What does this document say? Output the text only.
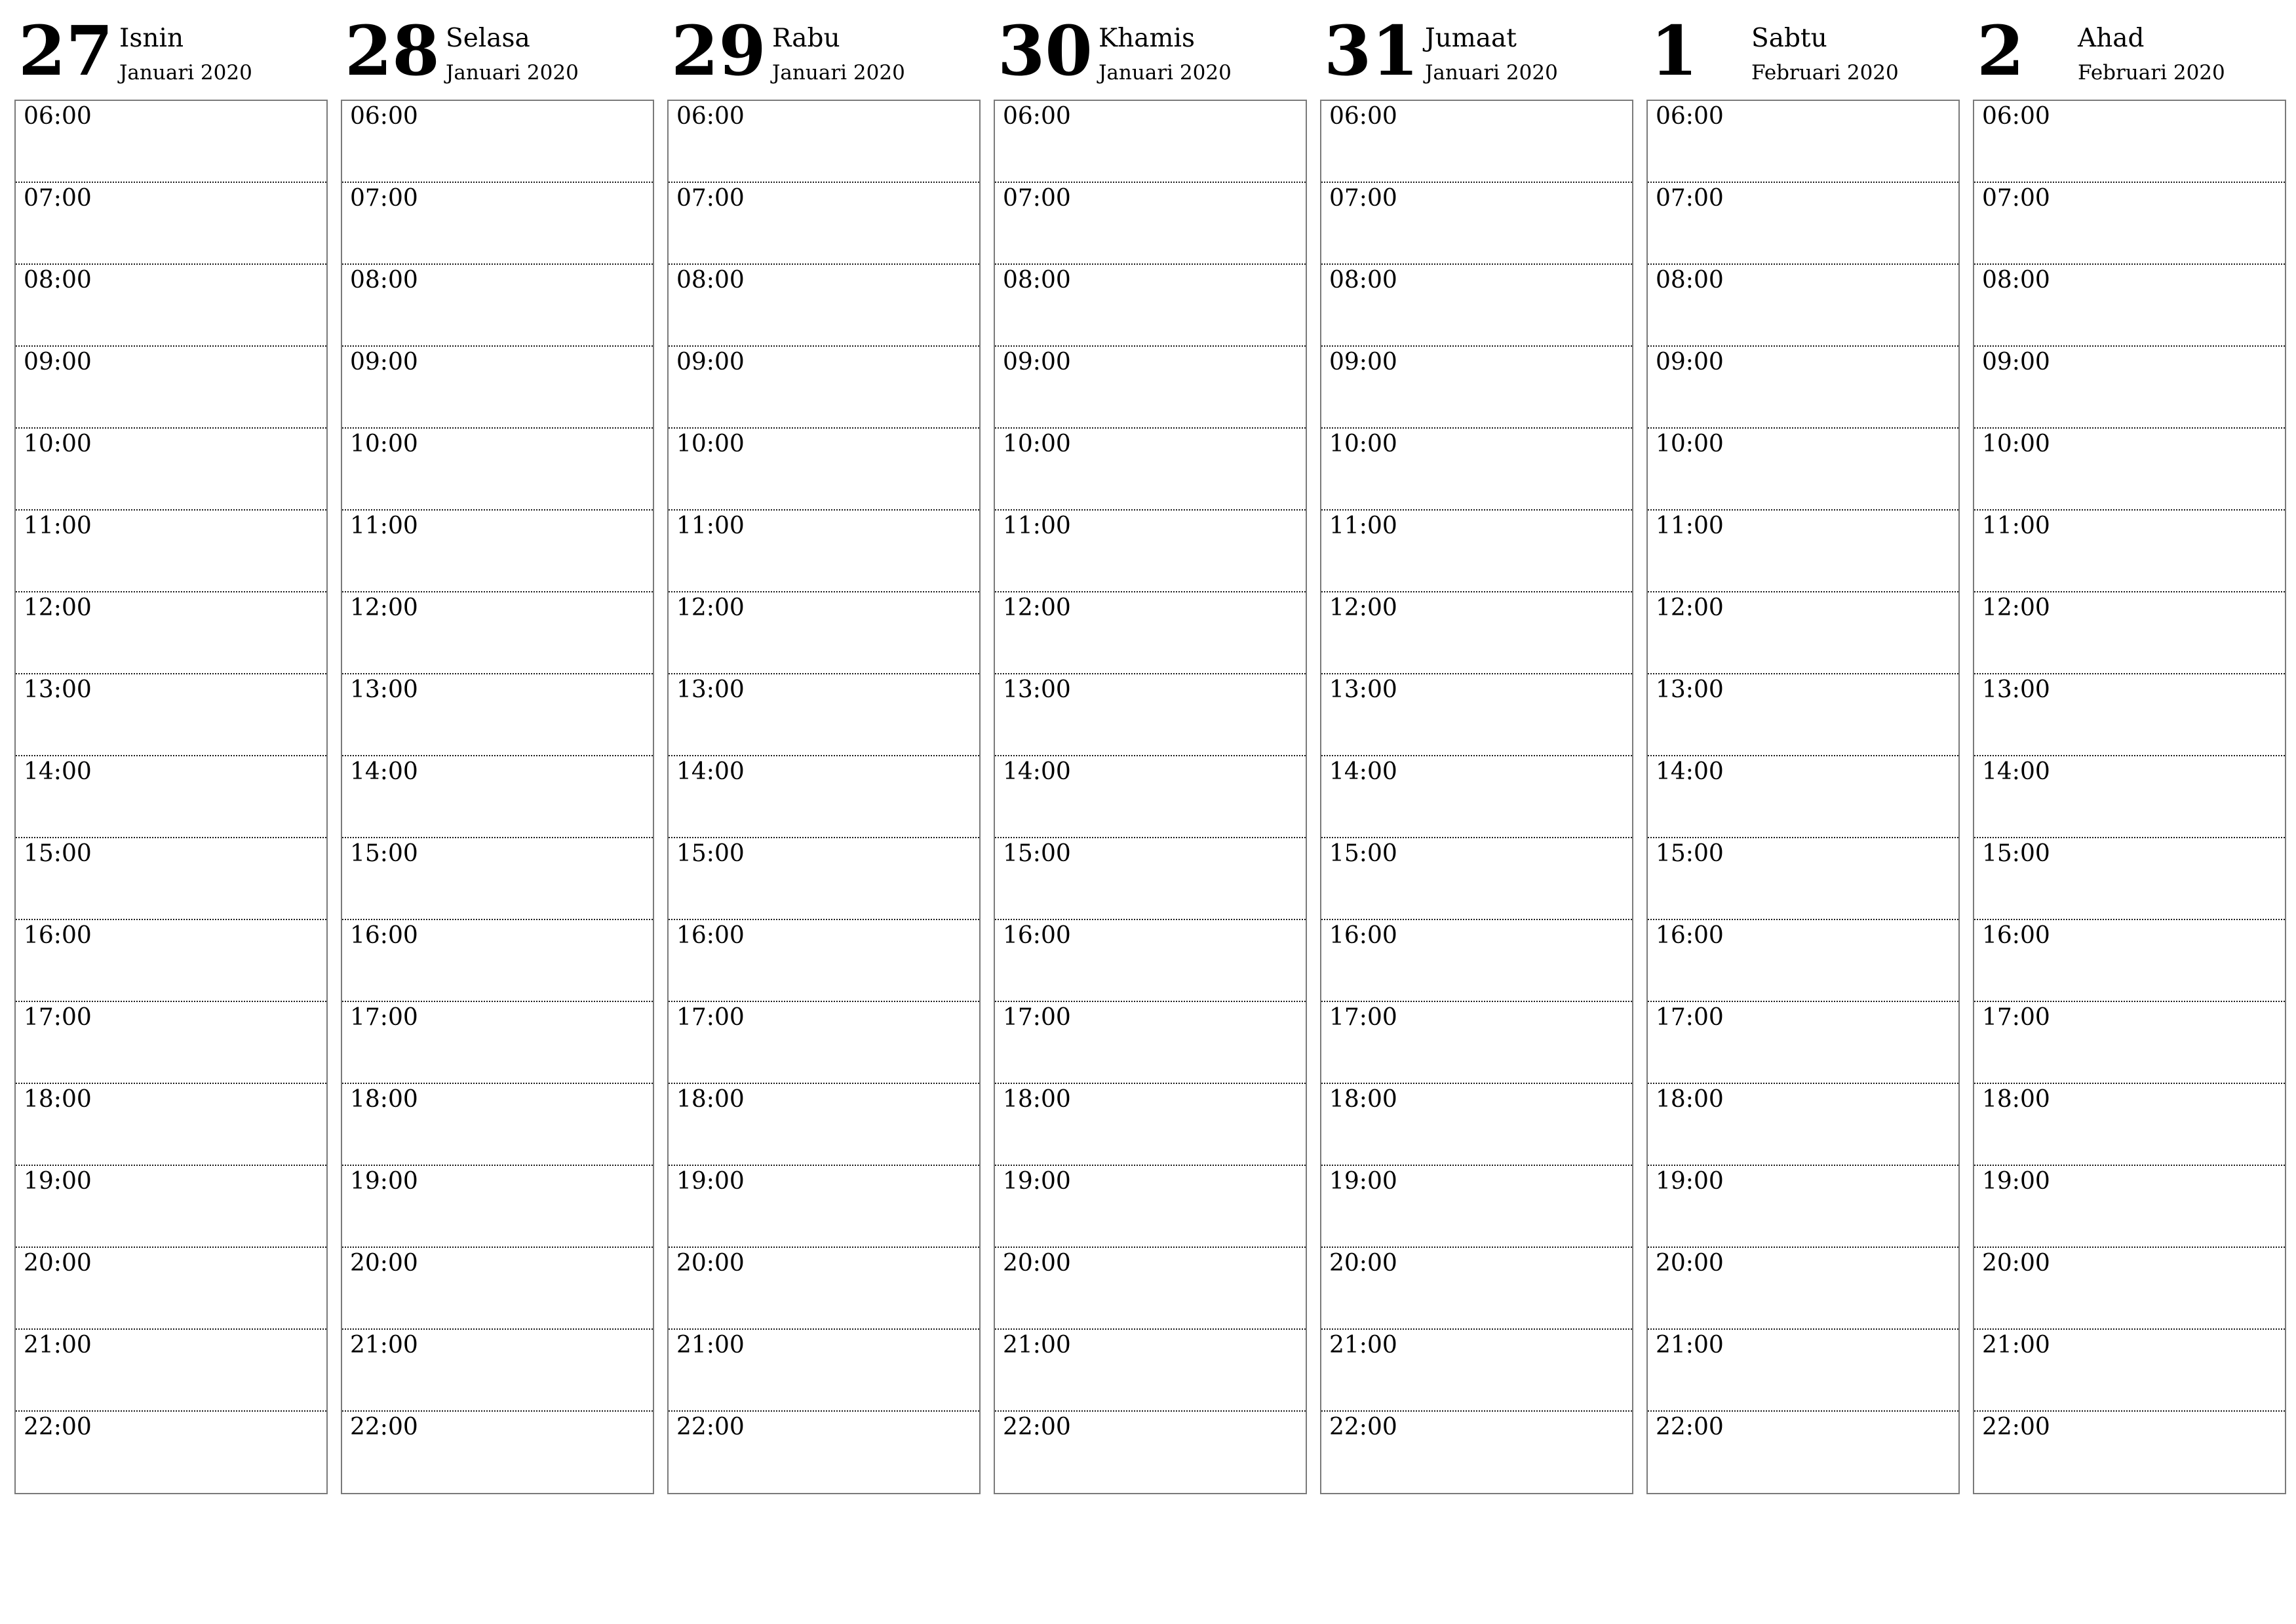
27 Isnin
Januari 2020
06:00
07:00
08:00
09:00
10:00
11:00
12:00
13:00
14:00
15:00
16:00
17:00
18:00
19:00
20:00
21:00
22:00
28 Selasa
Januari 2020
06:00
07:00
08:00
09:00
10:00
11:00
12:00
13:00
14:00
15:00
16:00
17:00
18:00
19:00
20:00
21:00
22:00
29 Rabu
Januari 2020
06:00
07:00
08:00
09:00
10:00
11:00
12:00
13:00
14:00
15:00
16:00
17:00
18:00
19:00
20:00
21:00
22:00
30 Khamis
Januari 2020
06:00
07:00
08:00
09:00
10:00
11:00
12:00
13:00
14:00
15:00
16:00
17:00
18:00
19:00
20:00
21:00
22:00
31 Jumaat
Januari 2020
06:00
07:00
08:00
09:00
10:00
11:00
12:00
13:00
14:00
15:00
16:00
17:00
18:00
19:00
20:00
21:00
22:00
1 Sabtu
Februari 2020
06:00
07:00
08:00
09:00
10:00
11:00
12:00
13:00
14:00
15:00
16:00
17:00
18:00
19:00
20:00
21:00
22:00
2 Ahad
Februari 2020
06:00
07:00
08:00
09:00
10:00
11:00
12:00
13:00
14:00
15:00
16:00
17:00
18:00
19:00
20:00
21:00
22:00
